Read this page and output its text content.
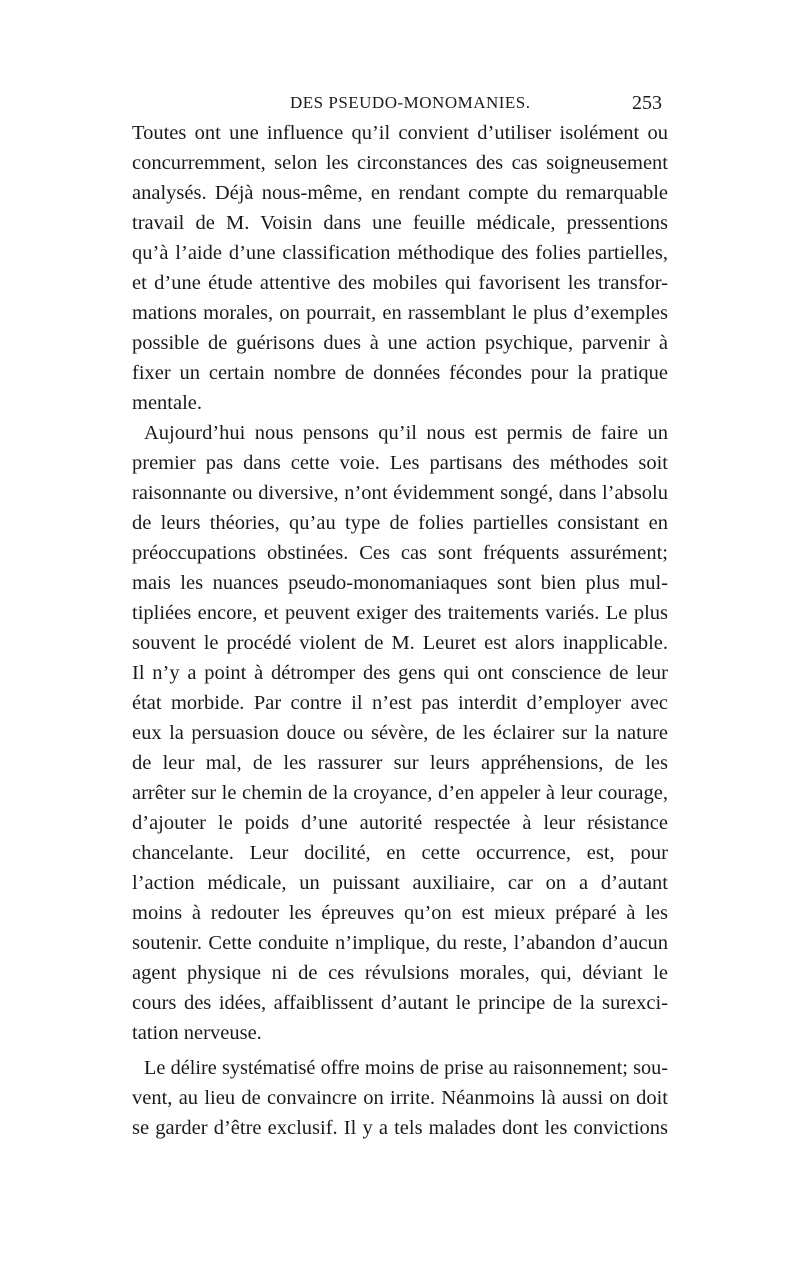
DES PSEUDO-MONOMANIES.	253
Toutes ont une influence qu’il convient d’utiliser isolément ou
concurremment, selon les circonstances des cas soigneusement
analysés. Déjà nous-même, en rendant compte du remarquable
travail de M. Voisin dans une feuille médicale, pressentions
qu’à l’aide d’une classification méthodique des folies partielles,
et d’une étude attentive des mobiles qui favorisent les transfor-
mations morales, on pourrait, en rassemblant le plus d’exemples
possible de guérisons dues à une action psychique, parvenir à
fixer un certain nombre de données fécondes pour la pratique
mentale.
Aujourd’hui nous pensons qu’il nous est permis de faire un
premier pas dans cette voie. Les partisans des méthodes soit
raisonnante ou diversive, n’ont évidemment songé, dans l’absolu
de leurs théories, qu’au type de folies partielles consistant en
préoccupations obstinées. Ces cas sont fréquents assurément;
mais les nuances pseudo-monomaniaques sont bien plus mul-
tipliées encore, et peuvent exiger des traitements variés. Le plus
souvent le procédé violent de M. Leuret est alors inapplicable.
Il n’y a point à détromper des gens qui ont conscience de leur
état morbide. Par contre il n’est pas interdit d’employer avec
eux la persuasion douce ou sévère, de les éclairer sur la nature
de leur mal, de les rassurer sur leurs appréhensions, de les
arrêter sur le chemin de la croyance, d’en appeler à leur courage,
d’ajouter le poids d’une autorité respectée à leur résistance
chancelante. Leur docilité, en cette occurrence, est, pour
l’action médicale, un puissant auxiliaire, car on a d’autant
moins à redouter les épreuves qu’on est mieux préparé à les
soutenir. Cette conduite n’implique, du reste, l’abandon d’aucun
agent physique ni de ces révulsions morales, qui, déviant le
cours des idées, affaiblissent d’autant le principe de la surexci-
tation nerveuse.
Le délire systématisé offre moins de prise au raisonnement; sou-
vent, au lieu de convaincre on irrite. Néanmoins là aussi on doit
se garder d’être exclusif. Il y a tels malades dont les convictions
